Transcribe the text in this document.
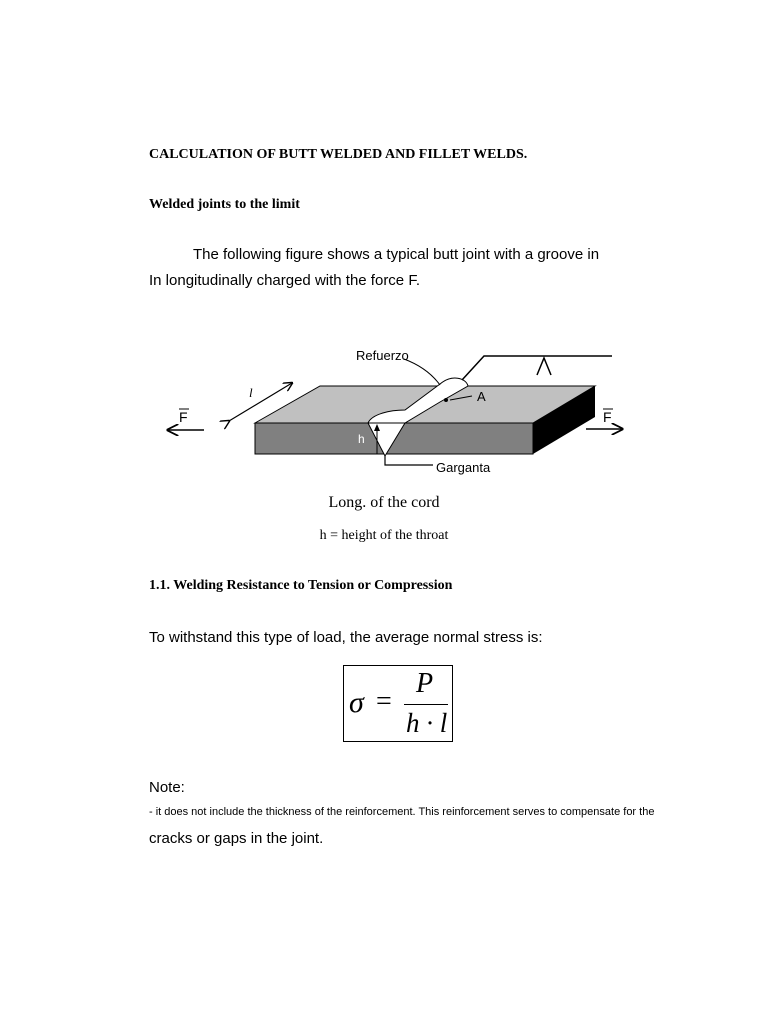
CALCULATION OF BUTT WELDED AND FILLET WELDS.

Welded joints to the limit

The following figure shows a typical butt joint with a groove in

In longitudinally charged with the force F.

Refuerzo
A
h
Garganta
l
F	F

Long. of the cord

h = height of the throat

1.1. Welding Resistance to Tension or Compression

To withstand this type of load, the average normal stress is:

σ =
P
h · l

Note:

- it does not include the thickness of the reinforcement. This reinforcement serves to compensate for the

cracks or gaps in the joint.
